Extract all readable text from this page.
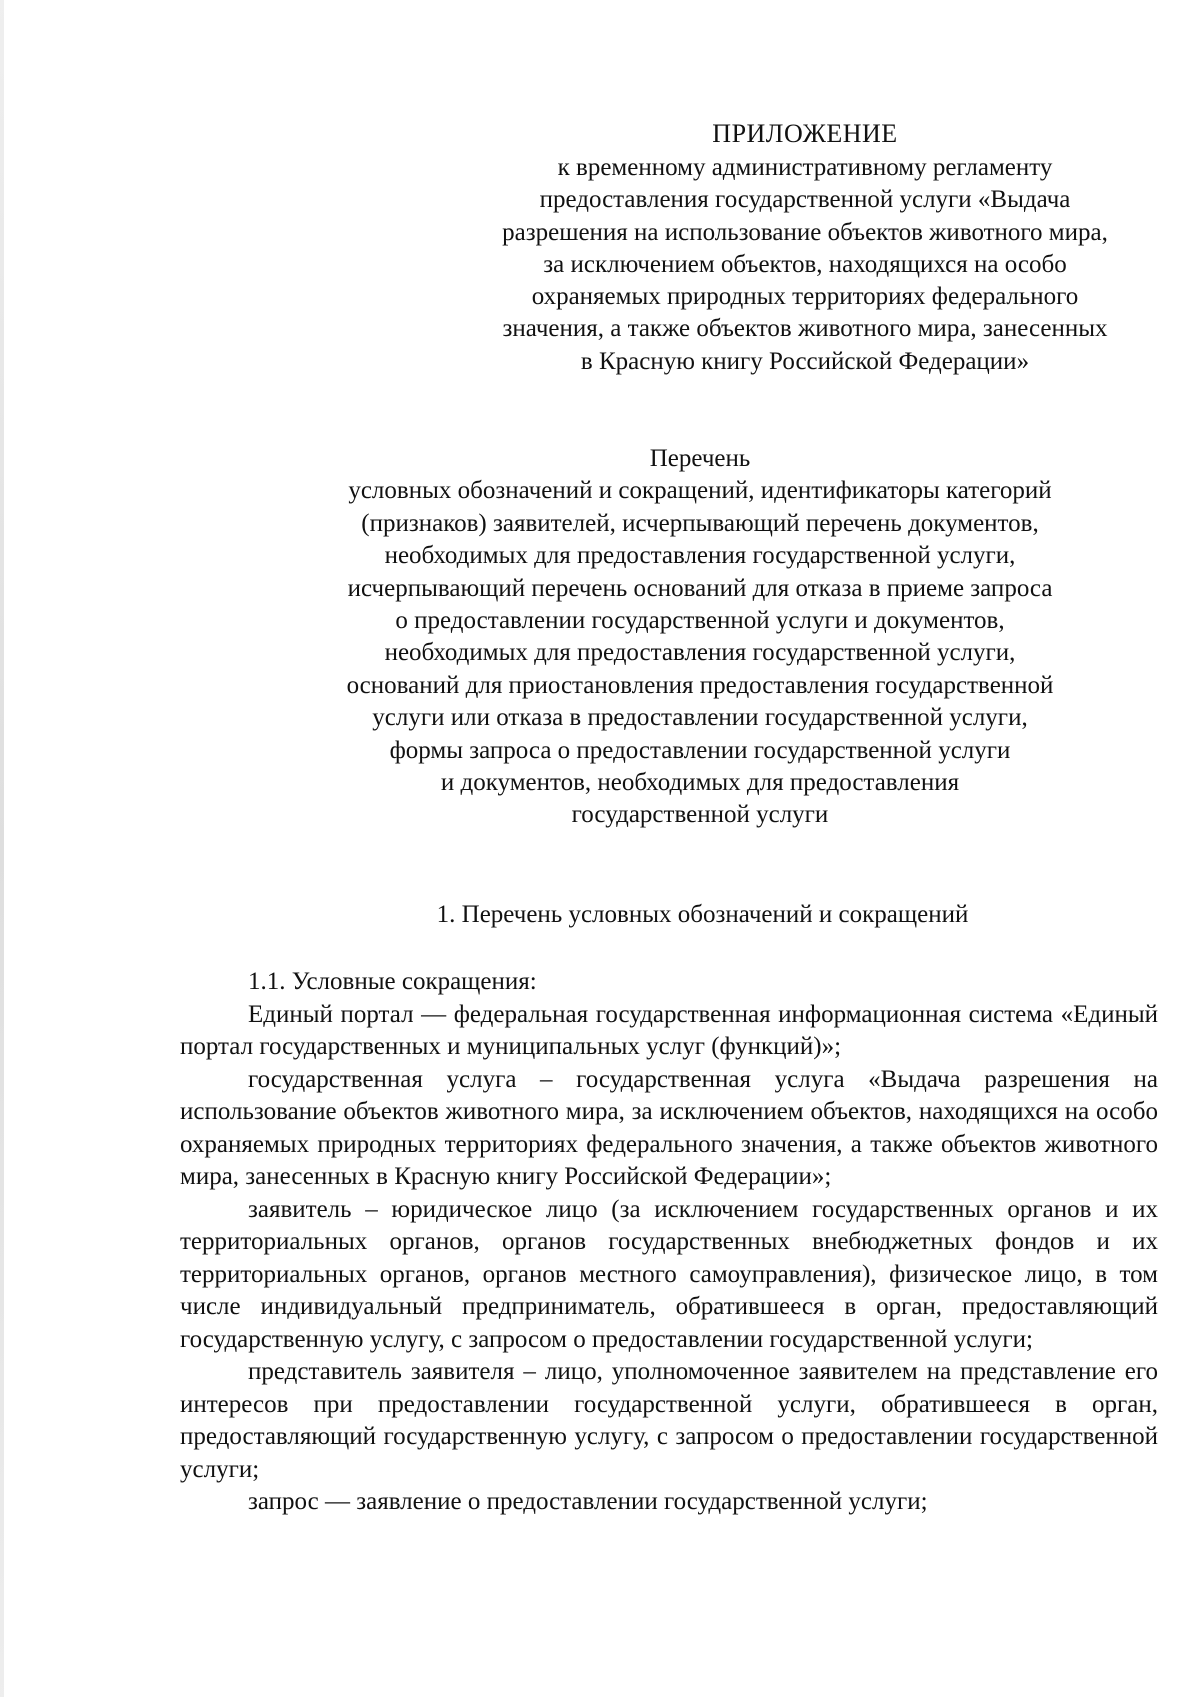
ПРИЛОЖЕНИЕ
к временному административному регламенту
предоставления государственной услуги «Выдача
разрешения на использование объектов животного мира,
за исключением объектов, находящихся на особо
охраняемых природных территориях федерального
значения, а также объектов животного мира, занесенных
в Красную книгу Российской Федерации»
Перечень
условных обозначений и сокращений, идентификаторы категорий
(признаков) заявителей, исчерпывающий перечень документов,
необходимых для предоставления государственной услуги,
исчерпывающий перечень оснований для отказа в приеме запроса
о предоставлении государственной услуги и документов,
необходимых для предоставления государственной услуги,
оснований для приостановления предоставления государственной
услуги или отказа в предоставлении государственной услуги,
формы запроса о предоставлении государственной услуги
и документов, необходимых для предоставления
государственной услуги
1. Перечень условных обозначений и сокращений

1.1. Условные сокращения:

Единый портал — федеральная государственная информационная система «Единый портал государственных и муниципальных услуг (функций)»;

государственная услуга – государственная услуга «Выдача разрешения на использование объектов животного мира, за исключением объектов, находящихся на особо охраняемых природных территориях федерального значения, а также объектов животного мира, занесенных в Красную книгу Российской Федерации»;

заявитель – юридическое лицо (за исключением государственных органов и их территориальных органов, органов государственных внебюджетных фондов и их территориальных органов, органов местного самоуправления), физическое лицо, в том числе индивидуальный предприниматель, обратившееся в орган, предоставляющий государственную услугу, с запросом о предоставлении государственной услуги;

представитель заявителя – лицо, уполномоченное заявителем на представление его интересов при предоставлении государственной услуги, обратившееся в орган, предоставляющий государственную услугу, с запросом о предоставлении государственной услуги;

запрос — заявление о предоставлении государственной услуги;
